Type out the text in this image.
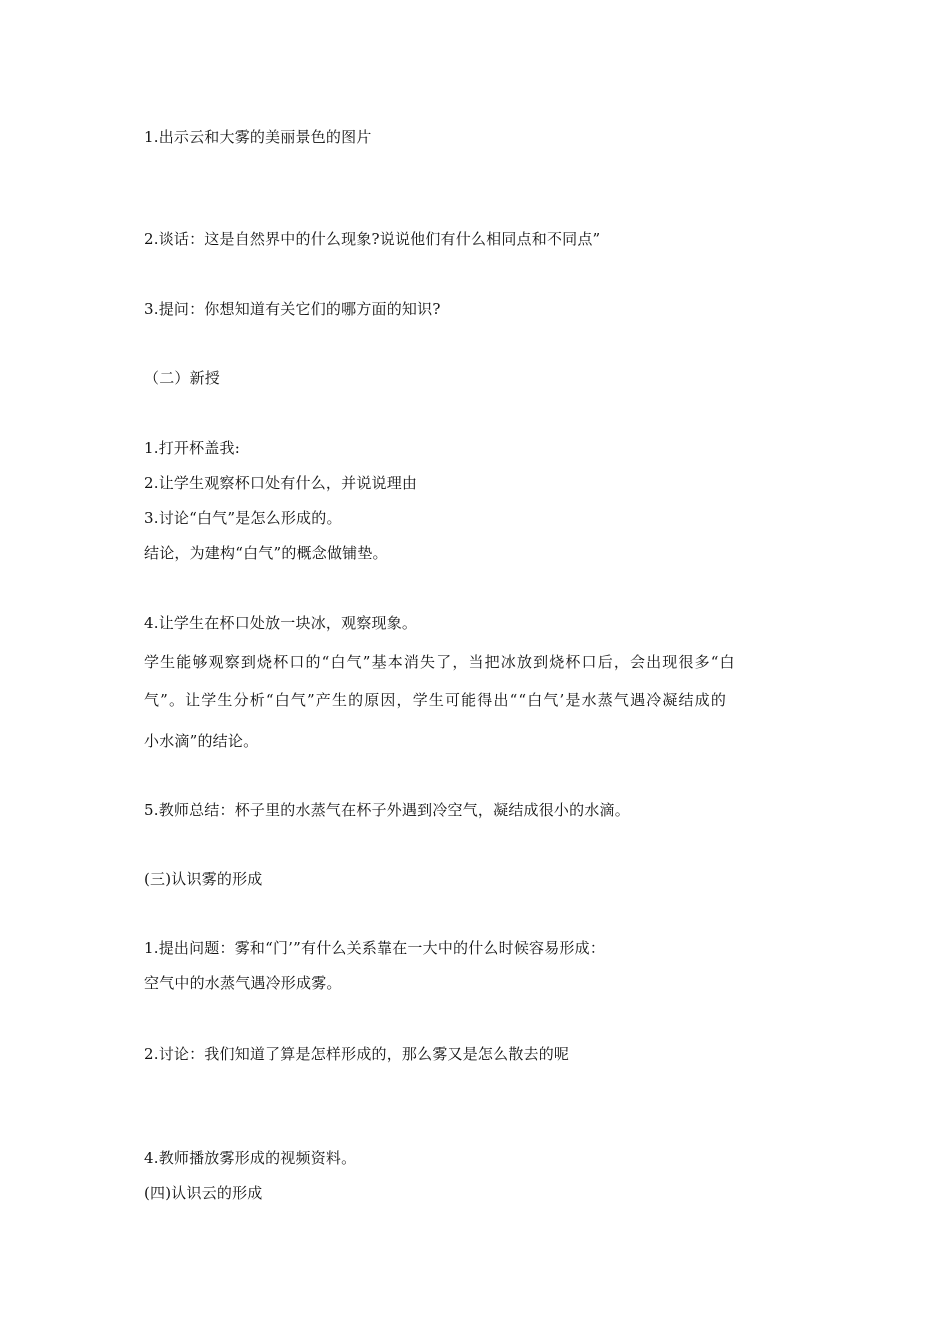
1.出示云和大雾的美丽景色的图片
2.谈话：这是自然界中的什么现象?说说他们有什么相同点和不同点”
3.提问：你想知道有关它们的哪方面的知识?
（二）新授
1.打开杯盖我:
2.让学生观察杯口处有什么，并说说理由
3.讨论“白气”是怎么形成的。
结论，为建构“白气”的概念做铺垫。
4.让学生在杯口处放一块冰，观察现象。
学生能够观察到烧杯口的“白气”基本消失了，当把冰放到烧杯口后，会出现很多“白
气”。让学生分析“白气”产生的原因，学生可能得出““白气’是水蒸气遇冷凝结成的
小水滴”的结论。
5.教师总结：杯子里的水蒸气在杯子外遇到冷空气，凝结成很小的水滴。
(三)认识雾的形成
1.提出问题：雾和“门’”有什么关系靠在一大中的什么时候容易形成：
空气中的水蒸气遇冷形成雾。
2.讨论：我们知道了算是怎样形成的，那么雾又是怎么散去的呢
4.教师播放雾形成的视频资料。
(四)认识云的形成
